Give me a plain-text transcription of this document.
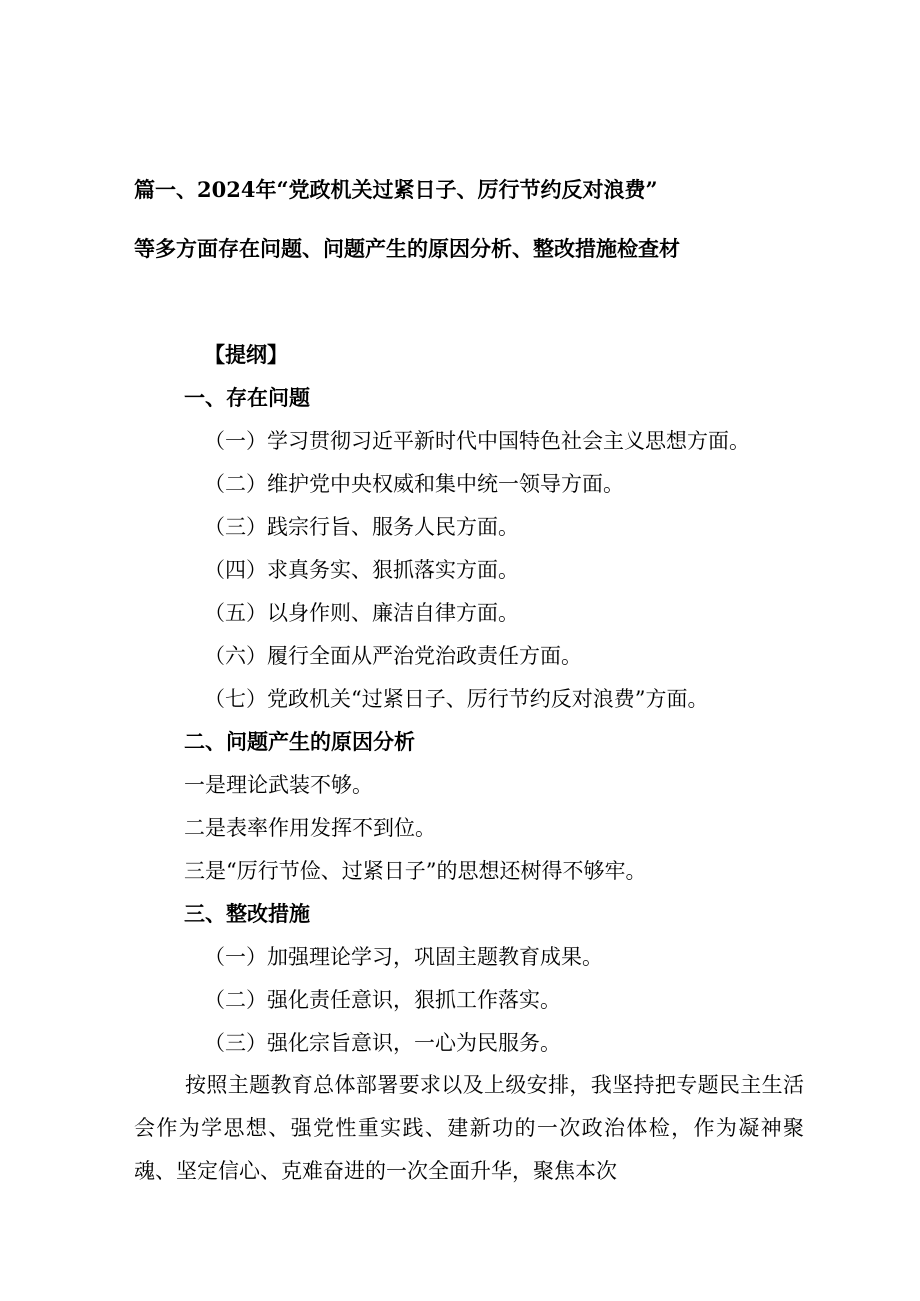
篇一、2024年“党政机关过紧日子、厉行节约反对浪费”
等多方面存在问题、问题产生的原因分析、整改措施检查材
【提纲】
一、存在问题
（一）学习贯彻习近平新时代中国特色社会主义思想方面。
（二）维护党中央权威和集中统一领导方面。
（三）践宗行旨、服务人民方面。
（四）求真务实、狠抓落实方面。
（五）以身作则、廉洁自律方面。
（六）履行全面从严治党治政责任方面。
（七）党政机关“过紧日子、厉行节约反对浪费”方面。
二、问题产生的原因分析
一是理论武装不够。
二是表率作用发挥不到位。
三是“厉行节俭、过紧日子”的思想还树得不够牢。
三、整改措施
（一）加强理论学习，巩固主题教育成果。
（二）强化责任意识，狠抓工作落实。
（三）强化宗旨意识，一心为民服务。
按照主题教育总体部署要求以及上级安排，我坚持把专题民主生活会作为学思想、强党性重实践、建新功的一次政治体检，作为凝神聚魂、坚定信心、克难奋进的一次全面升华，聚焦本次
